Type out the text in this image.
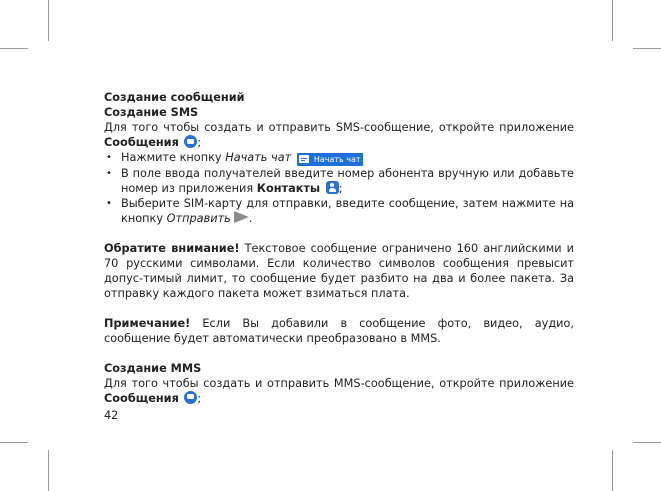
Создание сообщений

Создание SMS

Для того чтобы создать и отправить SMS-сообщение, откройте приложение Сообщения ;

• Нажмите кнопку Начать чат	Начать чат
• В поле ввода получателей введите номер абонента вручную или добавьте номер из приложения Контакты ;
• Выберите SIM-карту для отправки, введите сообщение, затем нажмите на кнопку Отправить .

Обратите внимание! Текстовое сообщение ограничено 160 английскими и 70 русскими символами. Если количество символов сообщения превысит допус-тимый лимит, то сообщение будет разбито на два и более пакета. За отправку каждого пакета может взиматься плата.

Примечание! Если Вы добавили в сообщение фото, видео, аудио, сообщение будет автоматически преобразовано в MMS.

Создание MMS

Для того чтобы создать и отправить MMS-сообщение, откройте приложение Сообщения ;

42
